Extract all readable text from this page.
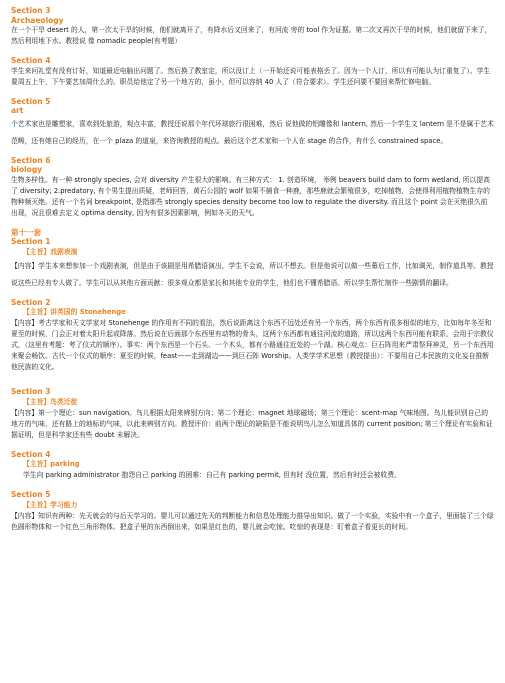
Section 3
Archaeology

在一个干旱 desert 的人，第一次太干旱的时候，他们就离开了，有降水后又回来了，有河流 旁的 tool 作为证据。第二次又再次干旱的时候，他们就留下来了，然后利用地下水。教授说 像 nomadic people(有考题）

Section 4

学生来问礼堂有没有订好，知道最近电脑出问题了。然后换了教室定，所以没订上（一开始还说可能表格丢了。因为一个人订，所以有可能认为订重复了）。学生要周五上午，下午要艺加周什么的。职员给他定了另一个地方的，虽小，但可以容纳 40 人了（符合要求）。学生还问要不要回来帮忙修电脑。

Section 5
art

个艺术家也是雕塑家，喜欢到处旅游，观点丰富，教授还说那个年代环球旅行很困难，然后 说他做的铝雕像和 lantern, 然后一个学生文 lantern 是不是属于艺术范畴，还有她自己的经历，在一个 plaza 的道泉，来咨询教授的观点。最后这个艺术家和一个人在 stage 的合作，有什么 constrained space。

Section 6
biology

生物多样性。有一种 strongly species, 会对 diversity 产生很大的影响。有三种方式： 1. 创造环境， 举例 beavers build dam to form wetland, 所以提高了 diversity; 2.predatory, 有个男生提出质疑，老师回答，黄石公园的 wolf 如果不捕食一种鹿，那些鹿就会繁殖很多，吃掉植物，会使得利用植物植物生存的物种频灭绝。还有一个名词 breakpoint, 是指那些 strongly species density become too low to regulate the diversity. 而且这个 point 会在灭绝很久前出现，况且很难去定义 optima density, 因为有很多因素影响，例如冬天的天气。

第十一套
Section 1
【主旨】戏剧表演

【内容】学生本来想参加一个戏剧表演，但是由于该剧是用希腊语演出，学生不会说，所以不想去。但是他说可以做一些幕后工作，比如调光，制作道具等。教授说这些已经有专人做了。学生可以从其他方面贡献：很多观众都是家长和其他专业的学生，他们也不懂希腊语。所以学生帮忙制作一些剧情的翻译。

Section 2
【主旨】讲英国的 Stonehenge

【内容】考古学家和天文学家对 Stonehenge 的作用有不同的看法，然后说距离这个东西不远处还有另一个东西，两个东西有很多相似的地方，比如每年冬至和夏至的时候，门会正对着太阳升起或降落。然后说在后面那个东西里有动物的骨头，这两个东西都有通往河流的道路，所以这两个东西可能有联系，会用于宗教仪式，（这里有考题：考了仪式的顺序）。事实：两个东西是一个石头、一个木头，都有小路通往近处的一个湖。核心观点：巨石阵用来严肃祭拜神灵，另一个东西用来聚会畅饮。古代一个仪式的顺序：夏至的时候，feast——走到湖边——到巨石阵 Worship。人类学学术思想（教授提出）：不要用自己本民族的文化妄自推断他民族的文化。

Section 3
【主旨】鸟类迁徙

【内容】第一个理论：sun navigation。鸟儿根据太阳来辨别方向；第二个理论：magnet 地球磁场；第三个理论：scent-map 气味地图。鸟儿能识别自己的地方的气味，还有路上的地标的气味，以此来辨别方向。教授评价：前两个理论的缺陷是不能说明鸟儿怎么知道具体的 current position; 第三个理论有实验和证据证明，但是科学家还有些 doubt 未解决。

Section 4
【主旨】parking

学生向 parking administrator 抱怨自己 parking 的困难：自己有 parking permit, 但有时 没位置，然后有时还会被收费。

Section 5
【主旨】学习能力

【内容】知识有两种：先天就会的与后天学习的。婴儿可以通过先天的判断能力和信息处理能力推导出知识。做了一个实验，实验中有一个盒子，里面装了三个绿色圆形物体和一个红色三角形物体。把盒子里的东西倒出来，如果是红色的，婴儿就会吃惊。吃惊的表现是：盯着盒子看更长的时间。
